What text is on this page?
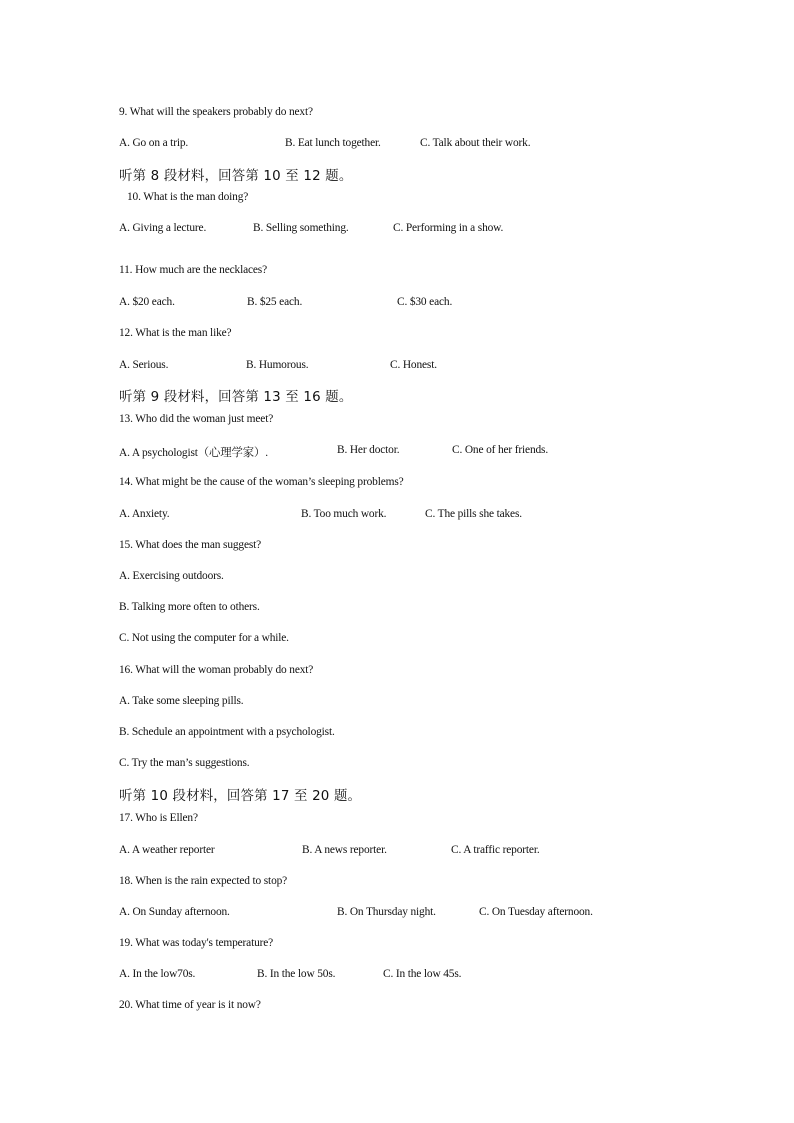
9. What will the speakers probably do next?
A. Go on a trip.	B. Eat lunch together.	C. Talk about their work.
听第 8 段材料，回答第 10 至 12 题。
10. What is the man doing?
A. Giving a lecture.	B. Selling something.	C. Performing in a show.
11. How much are the necklaces?
A. $20 each.	B. $25 each.	C. $30 each.
12. What is the man like?
A. Serious.	B. Humorous.	C. Honest.
听第 9 段材料，回答第 13 至 16 题。
13. Who did the woman just meet?
A. A psychologist（心理学家）.	B. Her doctor.	C. One of her friends.
14. What might be the cause of the woman’s sleeping problems?
A. Anxiety.	B. Too much work.	C. The pills she takes.
15. What does the man suggest?
A. Exercising outdoors.
B. Talking more often to others.
C. Not using the computer for a while.
16. What will the woman probably do next?
A. Take some sleeping pills.
B. Schedule an appointment with a psychologist.
C. Try the man’s suggestions.
听第 10 段材料，回答第 17 至 20 题。
17. Who is Ellen?
A. A weather reporter	B. A news reporter.	C. A traffic reporter.
18. When is the rain expected to stop?
A. On Sunday afternoon.	B. On Thursday night.	C. On Tuesday afternoon.
19. What was today's temperature?
A. In the low70s.	B. In the low 50s.	C. In the low 45s.
20. What time of year is it now?
